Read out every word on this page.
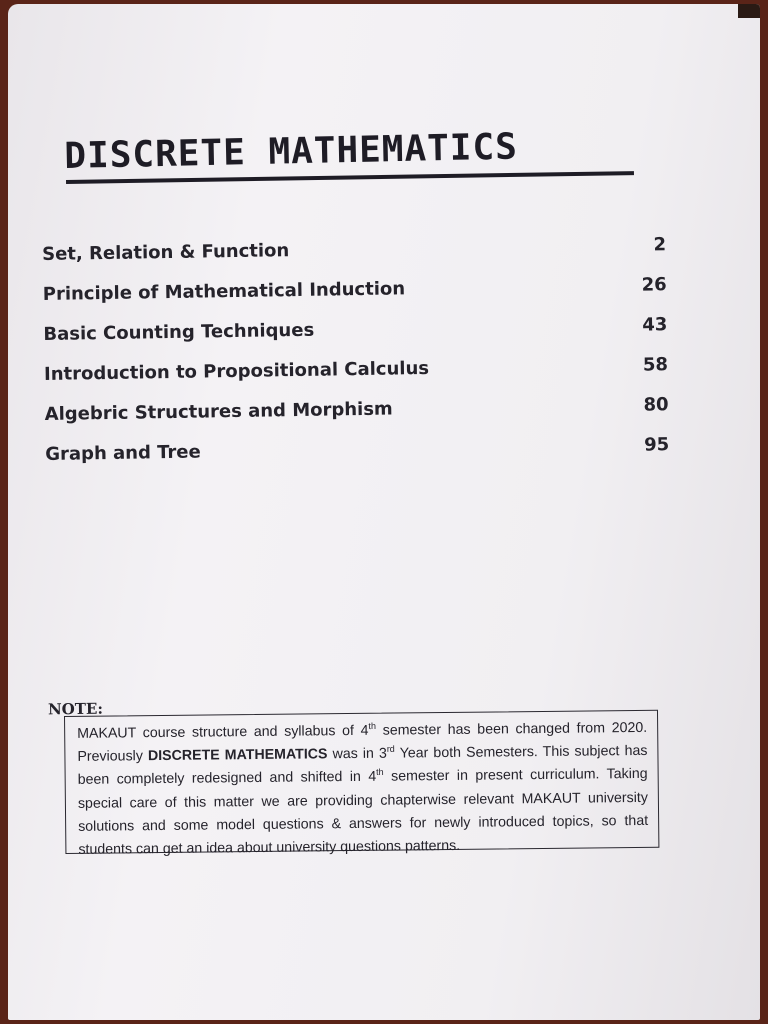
DISCRETE MATHEMATICS
Set, Relation & Function	2
Principle of Mathematical Induction	26
Basic Counting Techniques	43
Introduction to Propositional Calculus	58
Algebric Structures and Morphism	80
Graph and Tree	95
NOTE:
MAKAUT course structure and syllabus of 4th semester has been changed from 2020. Previously DISCRETE MATHEMATICS was in 3rd Year both Semesters. This subject has been completely redesigned and shifted in 4th semester in present curriculum. Taking special care of this matter we are providing chapterwise relevant MAKAUT university solutions and some model questions & answers for newly introduced topics, so that students can get an idea about university questions patterns.
